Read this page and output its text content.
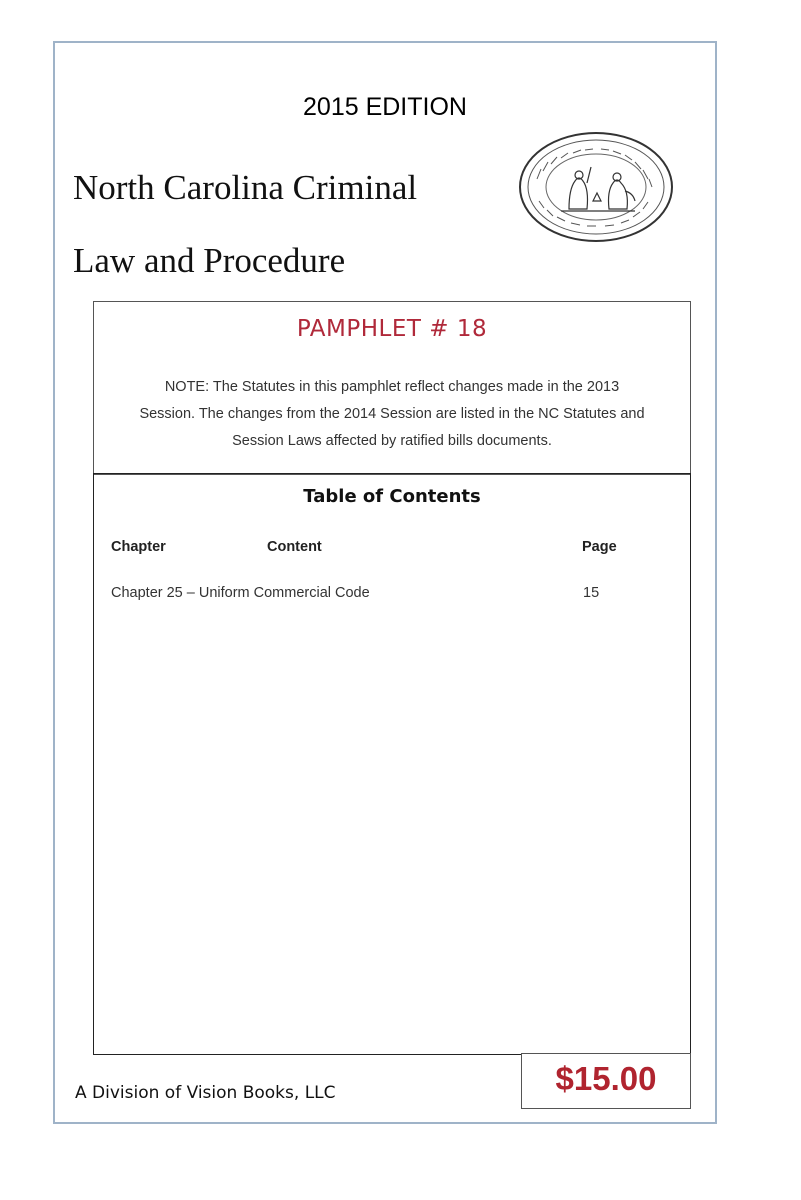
2015 EDITION
North Carolina Criminal
Law and Procedure
PAMPHLET # 18
NOTE: The Statutes in this pamphlet reflect changes made in the 2013
Session. The changes from the 2014 Session are listed in the NC Statutes and
Session Laws affected by ratified bills documents.
Table of Contents
Chapter	Content	Page
Chapter 25 – Uniform Commercial Code	15
$15.00
A Division of Vision Books, LLC
